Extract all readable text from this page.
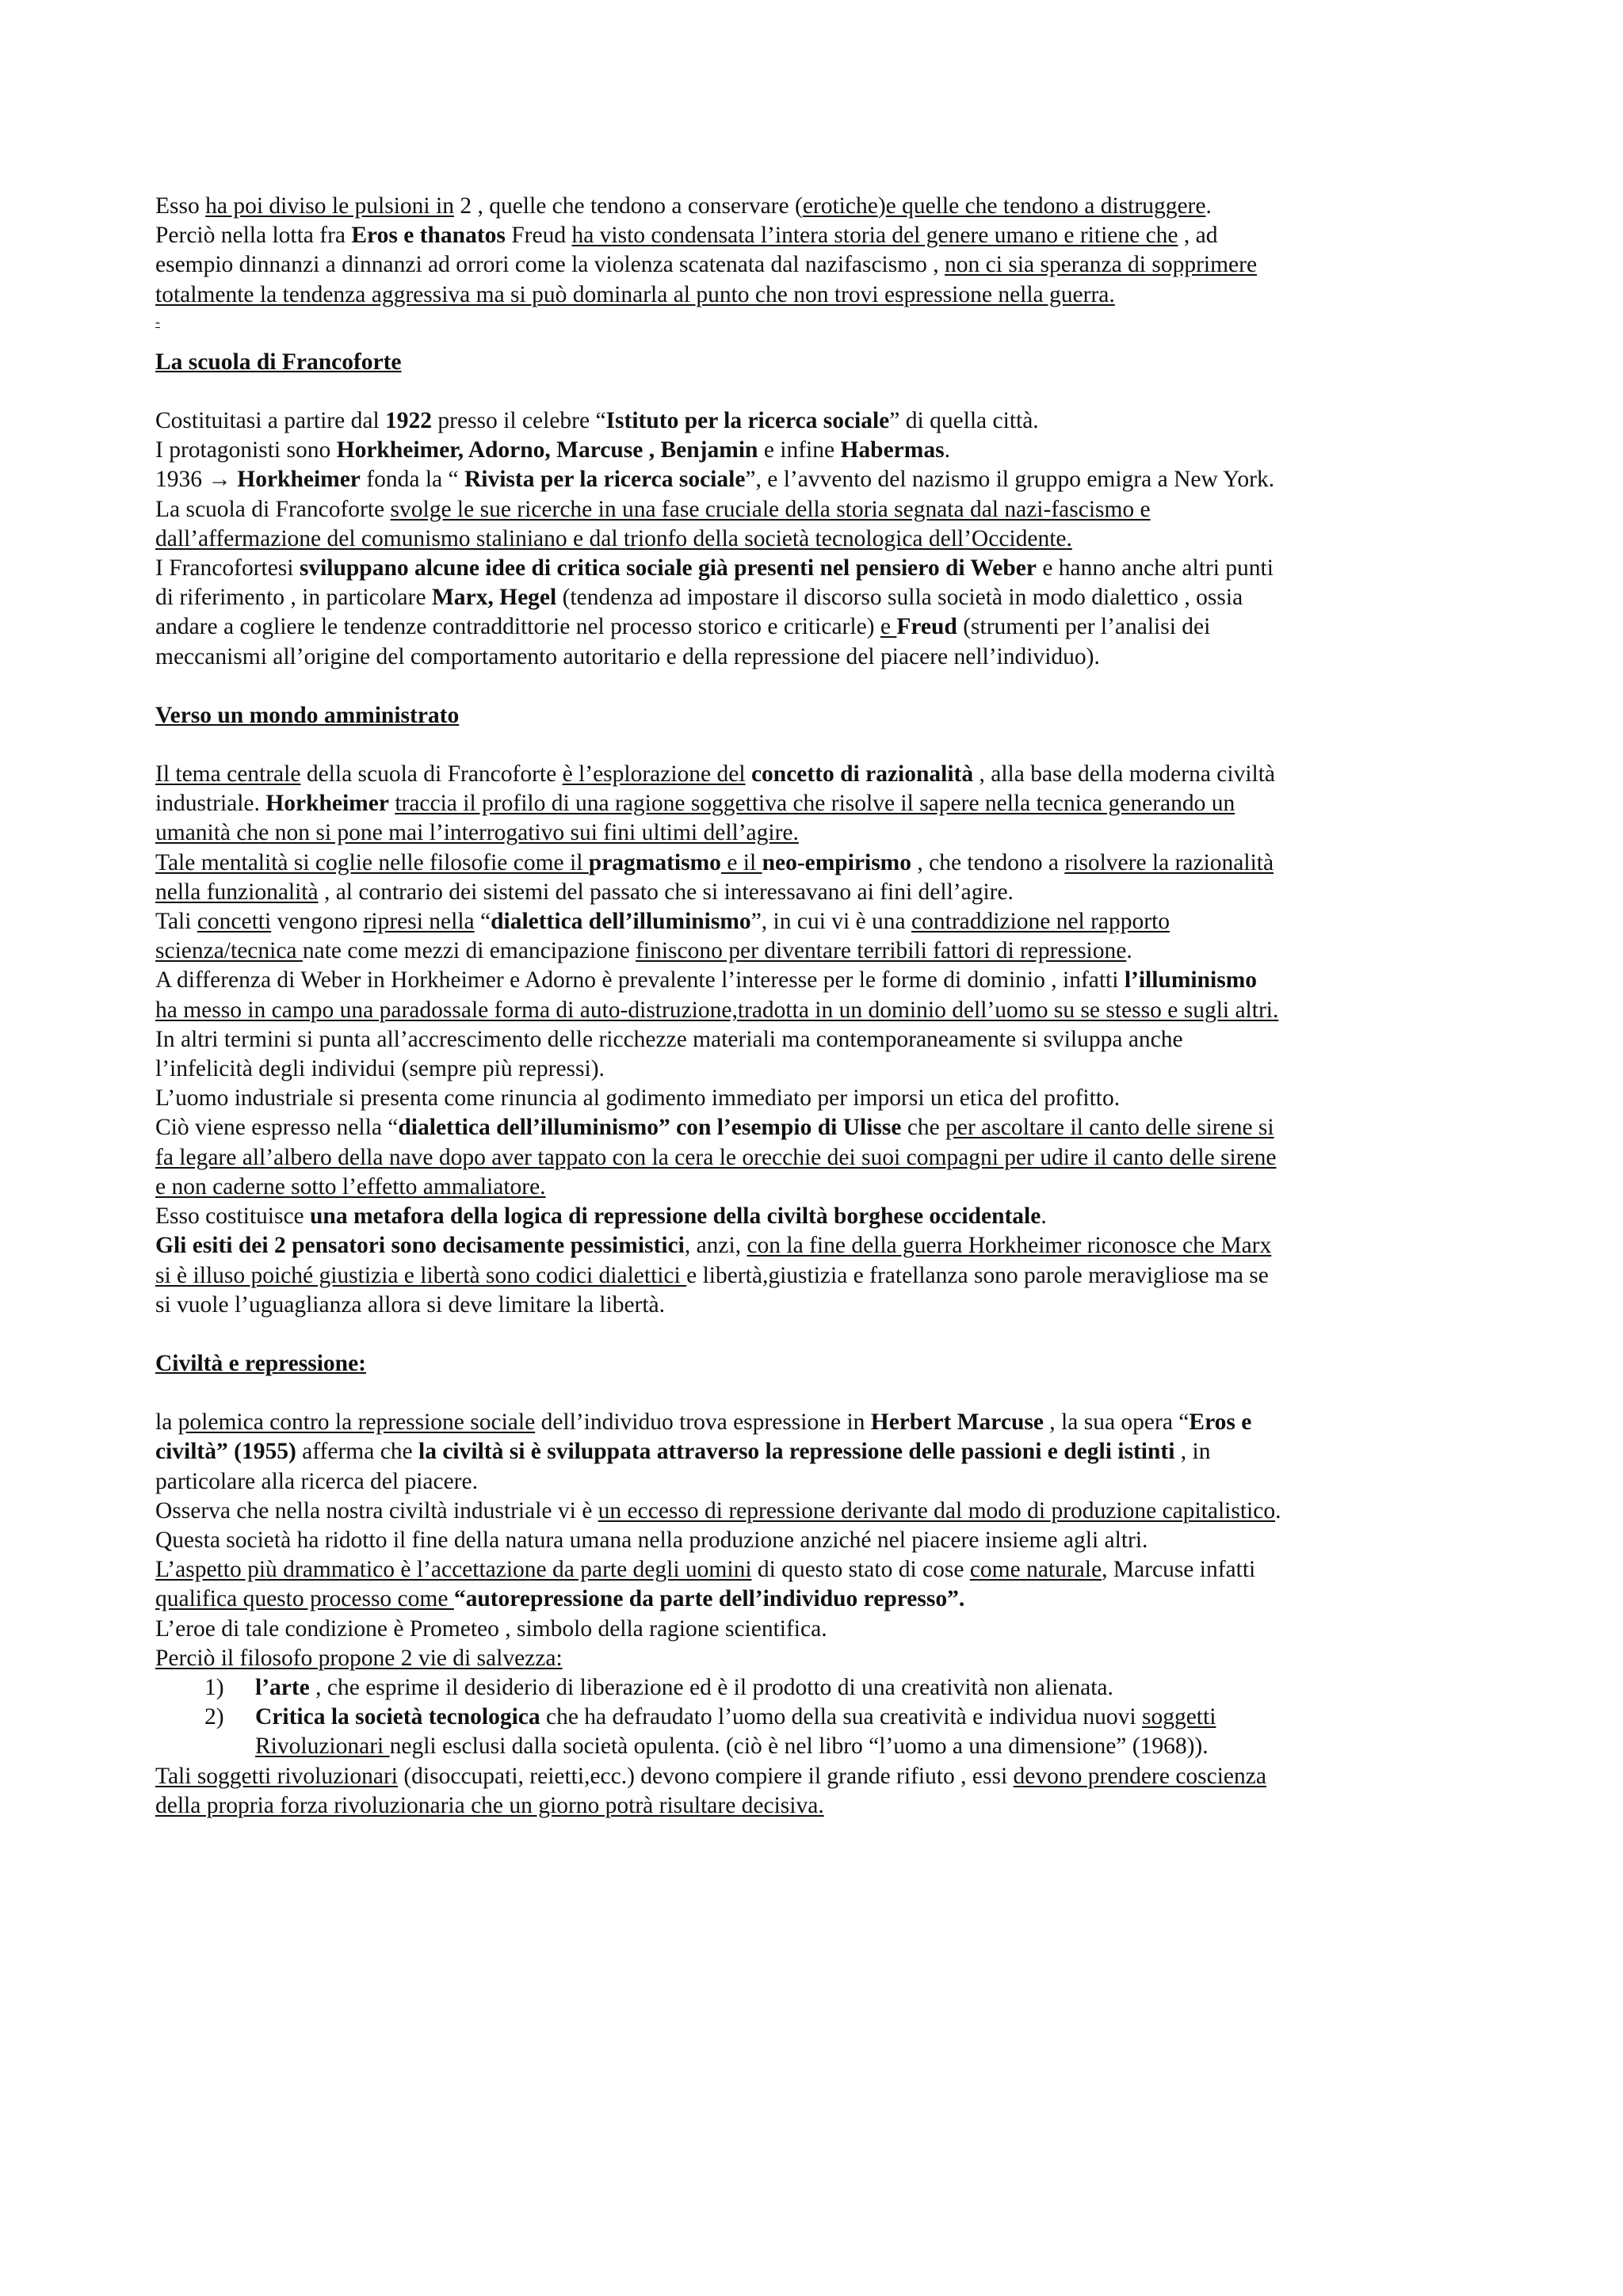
Esso ha poi diviso le pulsioni in 2 , quelle che tendono a conservare (erotiche)e quelle che tendono a distruggere.
Perciò nella lotta fra Eros e thanatos Freud ha visto condensata l’intera storia del genere umano e ritiene che , ad
esempio dinnanzi a dinnanzi ad orrori come la violenza scatenata dal nazifascismo , non ci sia speranza di sopprimere
totalmente la tendenza aggressiva ma si può dominarla al punto che non trovi espressione nella guerra.

-

La scuola di Francoforte

Costituitasi a partire dal 1922 presso il celebre “Istituto per la ricerca sociale” di quella città.
I protagonisti sono Horkheimer, Adorno, Marcuse , Benjamin e infine Habermas.
1936 → Horkheimer fonda la “ Rivista per la ricerca sociale”, e l’avvento del nazismo il gruppo emigra a New York.
La scuola di Francoforte svolge le sue ricerche in una fase cruciale della storia segnata dal nazi-fascismo e
dall’affermazione del comunismo staliniano e dal trionfo della società tecnologica dell’Occidente.
I Francofortesi sviluppano alcune idee di critica sociale già presenti nel pensiero di Weber e hanno anche altri punti
di riferimento , in particolare Marx, Hegel (tendenza ad impostare il discorso sulla società in modo dialettico , ossia
andare a cogliere le tendenze contraddittorie nel processo storico e criticarle) e Freud (strumenti per l’analisi dei
meccanismi all’origine del comportamento autoritario e della repressione del piacere nell’individuo).

Verso un mondo amministrato

Il tema centrale della scuola di Francoforte è l’esplorazione del concetto di razionalità , alla base della moderna civiltà
industriale. Horkheimer traccia il profilo di una ragione soggettiva che risolve il sapere nella tecnica generando un
umanità che non si pone mai l’interrogativo sui fini ultimi dell’agire.
Tale mentalità si coglie nelle filosofie come il pragmatismo e il neo-empirismo , che tendono a risolvere la razionalità
nella funzionalità , al contrario dei sistemi del passato che si interessavano ai fini dell’agire.
Tali concetti vengono ripresi nella “dialettica dell’illuminismo”, in cui vi è una contraddizione nel rapporto
scienza/tecnica nate come mezzi di emancipazione finiscono per diventare terribili fattori di repressione.
A differenza di Weber in Horkheimer e Adorno è prevalente l’interesse per le forme di dominio , infatti l’illuminismo
ha messo in campo una paradossale forma di auto-distruzione,tradotta in un dominio dell’uomo su se stesso e sugli altri.
In altri termini si punta all’accrescimento delle ricchezze materiali ma contemporaneamente si sviluppa anche
l’infelicità degli individui (sempre più repressi).
L’uomo industriale si presenta come rinuncia al godimento immediato per imporsi un etica del profitto.
Ciò viene espresso nella “dialettica dell’illuminismo” con l’esempio di Ulisse che per ascoltare il canto delle sirene si
fa legare all’albero della nave dopo aver tappato con la cera le orecchie dei suoi compagni per udire il canto delle sirene
e non caderne sotto l’effetto ammaliatore.
Esso costituisce una metafora della logica di repressione della civiltà borghese occidentale.
Gli esiti dei 2 pensatori sono decisamente pessimistici, anzi, con la fine della guerra Horkheimer riconosce che Marx
si è illuso poiché giustizia e libertà sono codici dialettici e libertà,giustizia e fratellanza sono parole meravigliose ma se
si vuole l’uguaglianza allora si deve limitare la libertà.

Civiltà e repressione:

la polemica contro la repressione sociale dell’individuo trova espressione in Herbert Marcuse , la sua opera “Eros e
civiltà” (1955) afferma che la civiltà si è sviluppata attraverso la repressione delle passioni e degli istinti , in
particolare alla ricerca del piacere.
Osserva che nella nostra civiltà industriale vi è un eccesso di repressione derivante dal modo di produzione capitalistico.
Questa società ha ridotto il fine della natura umana nella produzione anziché nel piacere insieme agli altri.
L’aspetto più drammatico è l’accettazione da parte degli uomini di questo stato di cose come naturale, Marcuse infatti
qualifica questo processo come “autorepressione da parte dell’individuo represso”.
L’eroe di tale condizione è Prometeo , simbolo della ragione scientifica.
Perciò il filosofo propone 2 vie di salvezza:

1) l’arte , che esprime il desiderio di liberazione ed è il prodotto di una creatività non alienata.
2) Critica la società tecnologica che ha defraudato l’uomo della sua creatività e individua nuovi soggetti
Rivoluzionari negli esclusi dalla società opulenta. (ciò è nel libro “l’uomo a una dimensione” (1968)).

Tali soggetti rivoluzionari (disoccupati, reietti,ecc.) devono compiere il grande rifiuto , essi devono prendere coscienza
della propria forza rivoluzionaria che un giorno potrà risultare decisiva.
